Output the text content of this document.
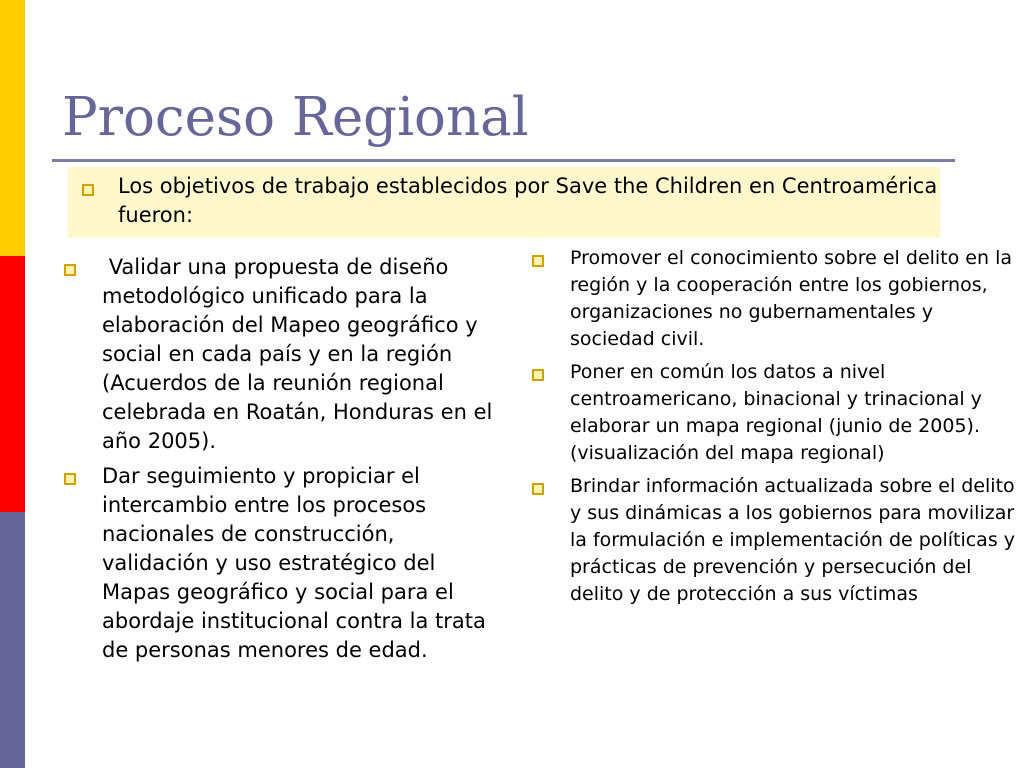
Proceso Regional
Los objetivos de trabajo establecidos por Save the Children en Centroamérica fueron:
Validar una propuesta de diseño metodológico unificado para la elaboración del Mapeo geográfico y social en cada país y en la región (Acuerdos de la reunión regional celebrada en Roatán, Honduras en el año 2005).
Dar seguimiento y propiciar el intercambio entre los procesos nacionales de construcción, validación y uso estratégico del Mapas geográfico y social para el abordaje institucional contra la trata de personas menores de edad.
Promover el conocimiento sobre el delito en la región y la cooperación entre los gobiernos, organizaciones no gubernamentales y sociedad civil.
Poner en común los datos a nivel centroamericano, binacional y trinacional y elaborar un mapa regional (junio de 2005).(visualización del mapa regional)
Brindar información actualizada sobre el delito y sus dinámicas a los gobiernos para movilizar la formulación e implementación de políticas y prácticas de prevención y persecución del delito y de protección a sus víctimas
